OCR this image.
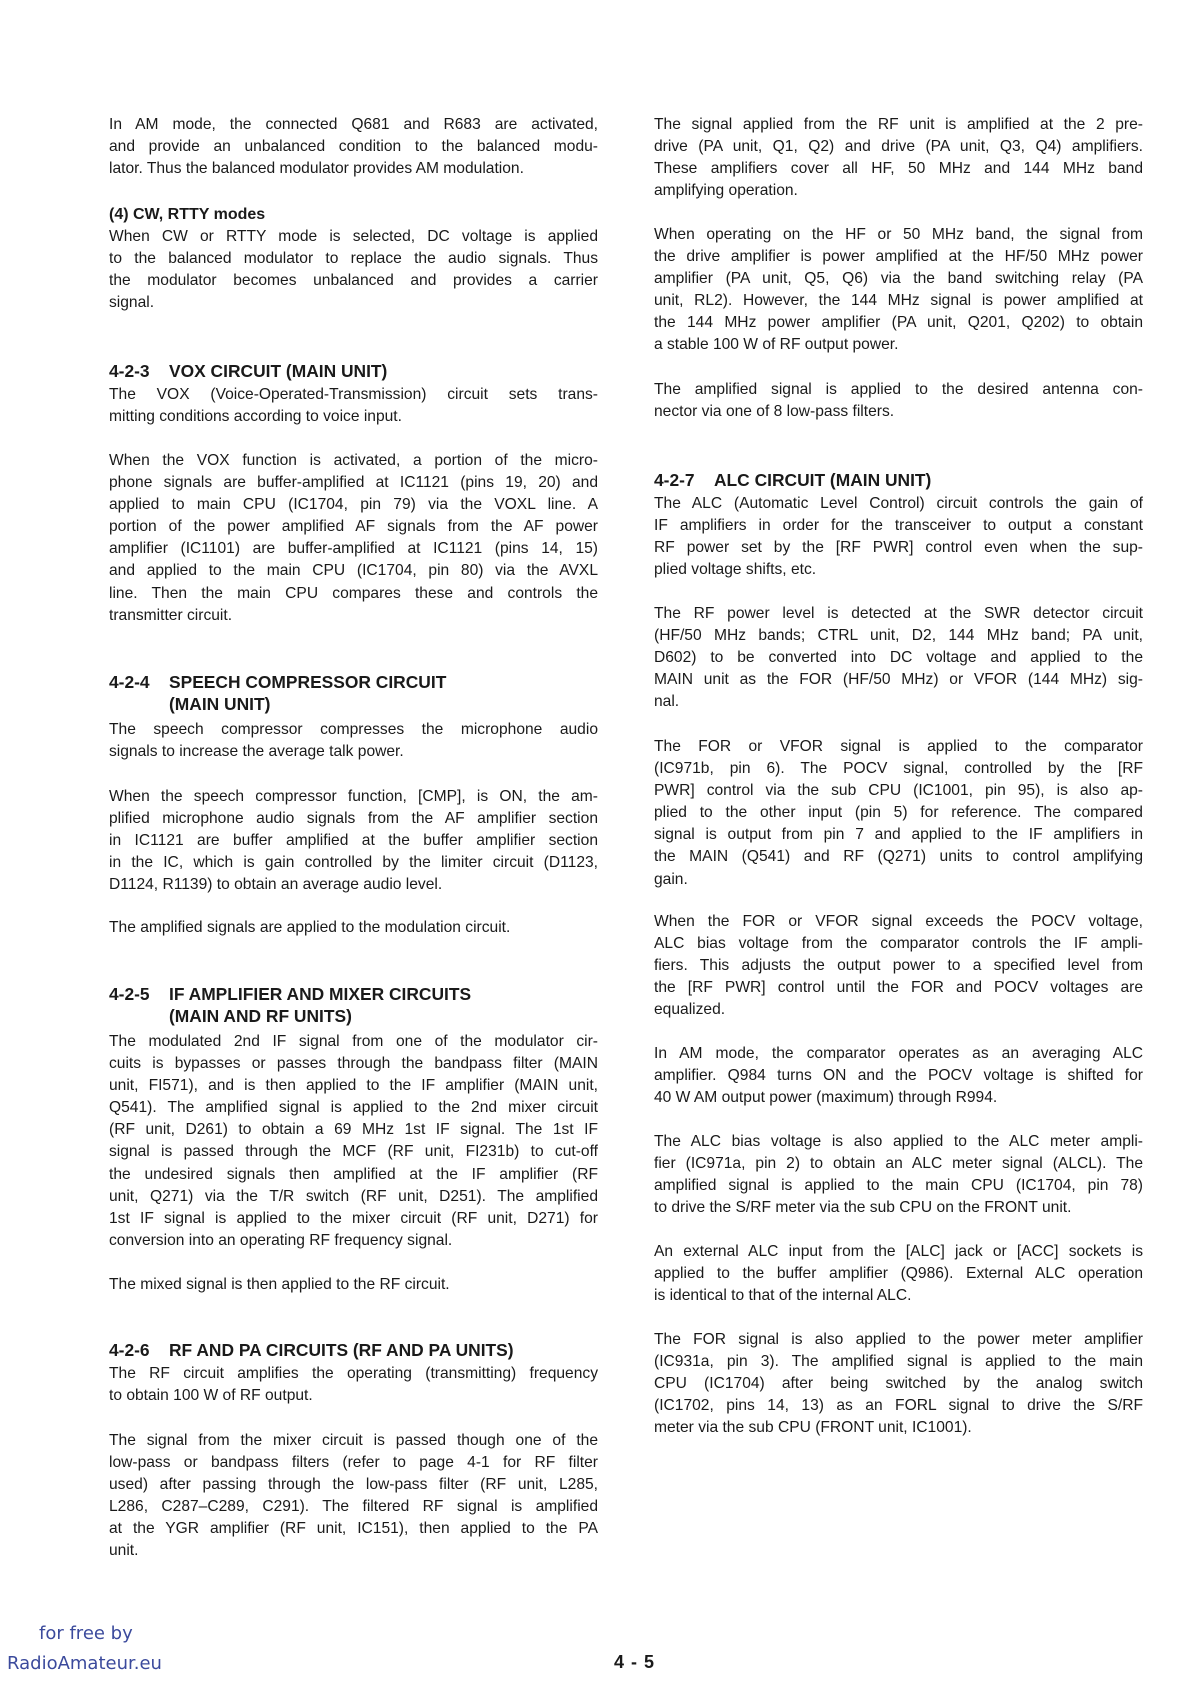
In AM mode, the connected Q681 and R683 are activated,
and provide an unbalanced condition to the balanced modu-
lator. Thus the balanced modulator provides AM modulation.
(4) CW, RTTY modes
When CW or RTTY mode is selected, DC voltage is applied
to the balanced modulator to replace the audio signals. Thus
the modulator becomes unbalanced and provides a carrier
signal.
4-2-3 VOX CIRCUIT (MAIN UNIT)
The VOX (Voice-Operated-Transmission) circuit sets trans-
mitting conditions according to voice input.
When the VOX function is activated, a portion of the micro-
phone signals are buffer-amplified at IC1121 (pins 19, 20) and
applied to main CPU (IC1704, pin 79) via the VOXL line. A
portion of the power amplified AF signals from the AF power
amplifier (IC1101) are buffer-amplified at IC1121 (pins 14, 15)
and applied to the main CPU (IC1704, pin 80) via the AVXL
line. Then the main CPU compares these and controls the
transmitter circuit.
4-2-4 SPEECH COMPRESSOR CIRCUIT
(MAIN UNIT)
The speech compressor compresses the microphone audio
signals to increase the average talk power.
When the speech compressor function, [CMP], is ON, the am-
plified microphone audio signals from the AF amplifier section
in IC1121 are buffer amplified at the buffer amplifier section
in the IC, which is gain controlled by the limiter circuit (D1123,
D1124, R1139) to obtain an average audio level.
The amplified signals are applied to the modulation circuit.
4-2-5 IF AMPLIFIER AND MIXER CIRCUITS
(MAIN AND RF UNITS)
The modulated 2nd IF signal from one of the modulator cir-
cuits is bypasses or passes through the bandpass filter (MAIN
unit, FI571), and is then applied to the IF amplifier (MAIN unit,
Q541). The amplified signal is applied to the 2nd mixer circuit
(RF unit, D261) to obtain a 69 MHz 1st IF signal. The 1st IF
signal is passed through the MCF (RF unit, FI231b) to cut-off
the undesired signals then amplified at the IF amplifier (RF
unit, Q271) via the T/R switch (RF unit, D251). The amplified
1st IF signal is applied to the mixer circuit (RF unit, D271) for
conversion into an operating RF frequency signal.
The mixed signal is then applied to the RF circuit.
4-2-6 RF AND PA CIRCUITS (RF AND PA UNITS)
The RF circuit amplifies the operating (transmitting) frequency
to obtain 100 W of RF output.
The signal from the mixer circuit is passed though one of the
low-pass or bandpass filters (refer to page 4-1 for RF filter
used) after passing through the low-pass filter (RF unit, L285,
L286, C287–C289, C291). The filtered RF signal is amplified
at the YGR amplifier (RF unit, IC151), then applied to the PA
unit.
The signal applied from the RF unit is amplified at the 2 pre-
drive (PA unit, Q1, Q2) and drive (PA unit, Q3, Q4) amplifiers.
These amplifiers cover all HF, 50 MHz and 144 MHz band
amplifying operation.
When operating on the HF or 50 MHz band, the signal from
the drive amplifier is power amplified at the HF/50 MHz power
amplifier (PA unit, Q5, Q6) via the band switching relay (PA
unit, RL2). However, the 144 MHz signal is power amplified at
the 144 MHz power amplifier (PA unit, Q201, Q202) to obtain
a stable 100 W of RF output power.
The amplified signal is applied to the desired antenna con-
nector via one of 8 low-pass filters.
4-2-7 ALC CIRCUIT (MAIN UNIT)
The ALC (Automatic Level Control) circuit controls the gain of
IF amplifiers in order for the transceiver to output a constant
RF power set by the [RF PWR] control even when the sup-
plied voltage shifts, etc.
The RF power level is detected at the SWR detector circuit
(HF/50 MHz bands; CTRL unit, D2, 144 MHz band; PA unit,
D602) to be converted into DC voltage and applied to the
MAIN unit as the FOR (HF/50 MHz) or VFOR (144 MHz) sig-
nal.
The FOR or VFOR signal is applied to the comparator
(IC971b, pin 6). The POCV signal, controlled by the [RF
PWR] control via the sub CPU (IC1001, pin 95), is also ap-
plied to the other input (pin 5) for reference. The compared
signal is output from pin 7 and applied to the IF amplifiers in
the MAIN (Q541) and RF (Q271) units to control amplifying
gain.
When the FOR or VFOR signal exceeds the POCV voltage,
ALC bias voltage from the comparator controls the IF ampli-
fiers. This adjusts the output power to a specified level from
the [RF PWR] control until the FOR and POCV voltages are
equalized.
In AM mode, the comparator operates as an averaging ALC
amplifier. Q984 turns ON and the POCV voltage is shifted for
40 W AM output power (maximum) through R994.
The ALC bias voltage is also applied to the ALC meter ampli-
fier (IC971a, pin 2) to obtain an ALC meter signal (ALCL). The
amplified signal is applied to the main CPU (IC1704, pin 78)
to drive the S/RF meter via the sub CPU on the FRONT unit.
An external ALC input from the [ALC] jack or [ACC] sockets is
applied to the buffer amplifier (Q986). External ALC operation
is identical to that of the internal ALC.
The FOR signal is also applied to the power meter amplifier
(IC931a, pin 3). The amplified signal is applied to the main
CPU (IC1704) after being switched by the analog switch
(IC1702, pins 14, 13) as an FORL signal to drive the S/RF
meter via the sub CPU (FRONT unit, IC1001).
for free by
RadioAmateur.eu	4 - 5
